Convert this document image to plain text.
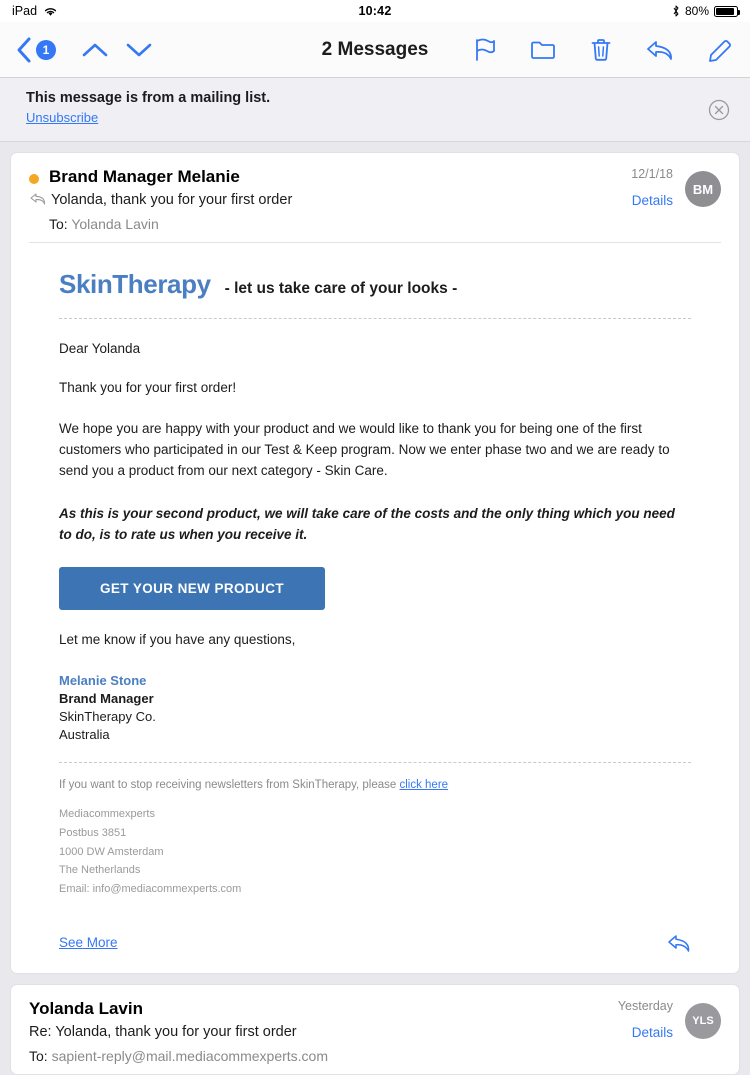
iPad	10:42	80%
1	2 Messages
This message is from a mailing list.
Unsubscribe
Brand Manager Melanie
Yolanda, thank you for your first order
To: Yolanda Lavin
12/1/18
Details
BM
SkinTherapy - let us take care of your looks -
Dear Yolanda
Thank you for your first order!
We hope you are happy with your product and we would like to thank you for being one of the first customers who participated in our Test & Keep program. Now we enter phase two and we are ready to send you a product from our next category - Skin Care.
As this is your second product, we will take care of the costs and the only thing which you need to do, is to rate us when you receive it.
GET YOUR NEW PRODUCT
Let me know if you have any questions,
Melanie Stone
Brand Manager
SkinTherapy Co.
Australia
If you want to stop receiving newsletters from SkinTherapy, please click here
Mediacommexperts
Postbus 3851
1000 DW Amsterdam
The Netherlands
Email: info@mediacommexperts.com
See More
Yolanda Lavin
Re: Yolanda, thank you for your first order
To: sapient-reply@mail.mediacommexperts.com
Yesterday
Details
YLS
